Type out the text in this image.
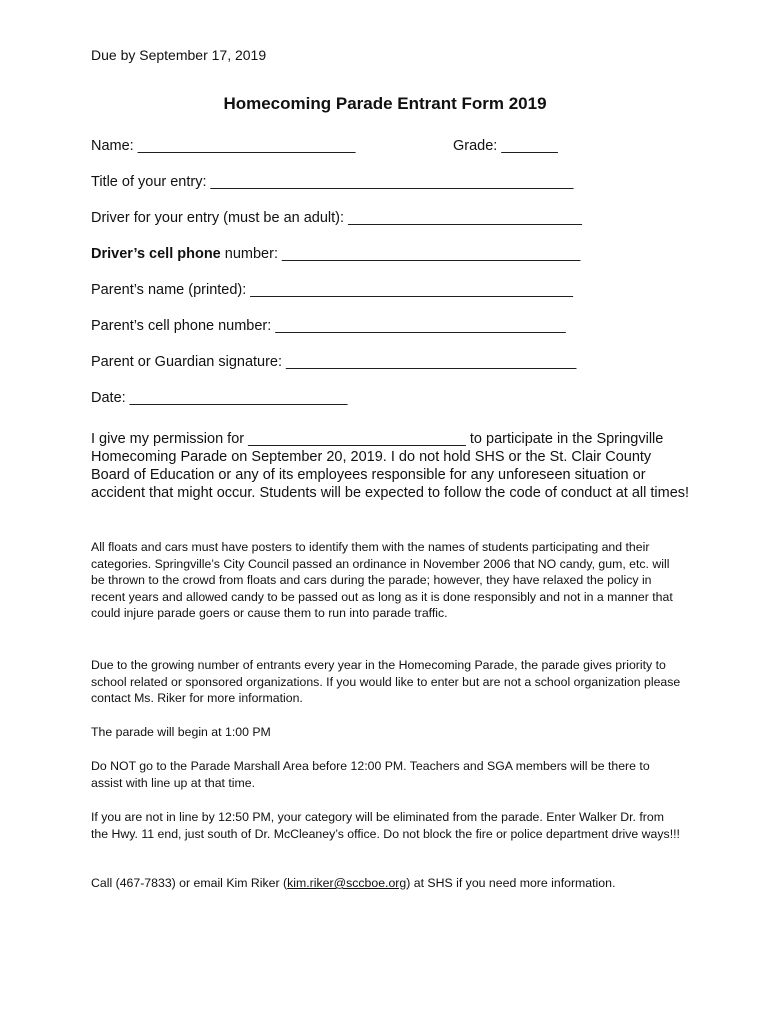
Due by September 17, 2019
Homecoming Parade Entrant Form 2019
Name: ___________________________	Grade: _______
Title of your entry: _____________________________________________
Driver for your entry (must be an adult): _____________________________
Driver’s cell phone number: _____________________________________
Parent’s name (printed): ________________________________________
Parent’s cell phone number: ____________________________________
Parent or Guardian signature: ____________________________________
Date: ___________________________
I give my permission for ___________________________ to participate in the Springville Homecoming Parade on September 20, 2019. I do not hold SHS or the St. Clair County Board of Education or any of its employees responsible for any unforeseen situation or accident that might occur. Students will be expected to follow the code of conduct at all times!
All floats and cars must have posters to identify them with the names of students participating and their categories. Springville’s City Council passed an ordinance in November 2006 that NO candy, gum, etc. will be thrown to the crowd from floats and cars during the parade; however, they have relaxed the policy in recent years and allowed candy to be passed out as long as it is done responsibly and not in a manner that could injure parade goers or cause them to run into parade traffic.
Due to the growing number of entrants every year in the Homecoming Parade, the parade gives priority to school related or sponsored organizations. If you would like to enter but are not a school organization please contact Ms. Riker for more information.
The parade will begin at 1:00 PM
Do NOT go to the Parade Marshall Area before 12:00 PM. Teachers and SGA members will be there to assist with line up at that time.
If you are not in line by 12:50 PM, your category will be eliminated from the parade. Enter Walker Dr. from the Hwy. 11 end, just south of Dr. McCleaney’s office. Do not block the fire or police department drive ways!!!
Call (467-7833) or email Kim Riker (kim.riker@sccboe.org) at SHS if you need more information.
